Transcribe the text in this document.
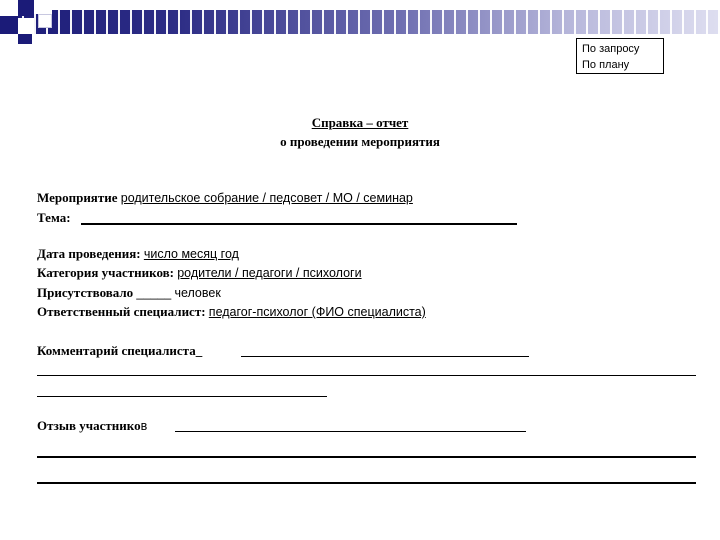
По запросу
По плану
Справка – отчет
о проведении мероприятия
Мероприятие родительское собрание / педсовет / МО / семинар
Тема:
Дата проведения: число месяц год
Категория участников: родители / педагоги / психологи
Присутствовало _____ человек
Ответственный специалист: педагог-психолог (ФИО специалиста)
Комментарий специалиста_
Отзыв участников
